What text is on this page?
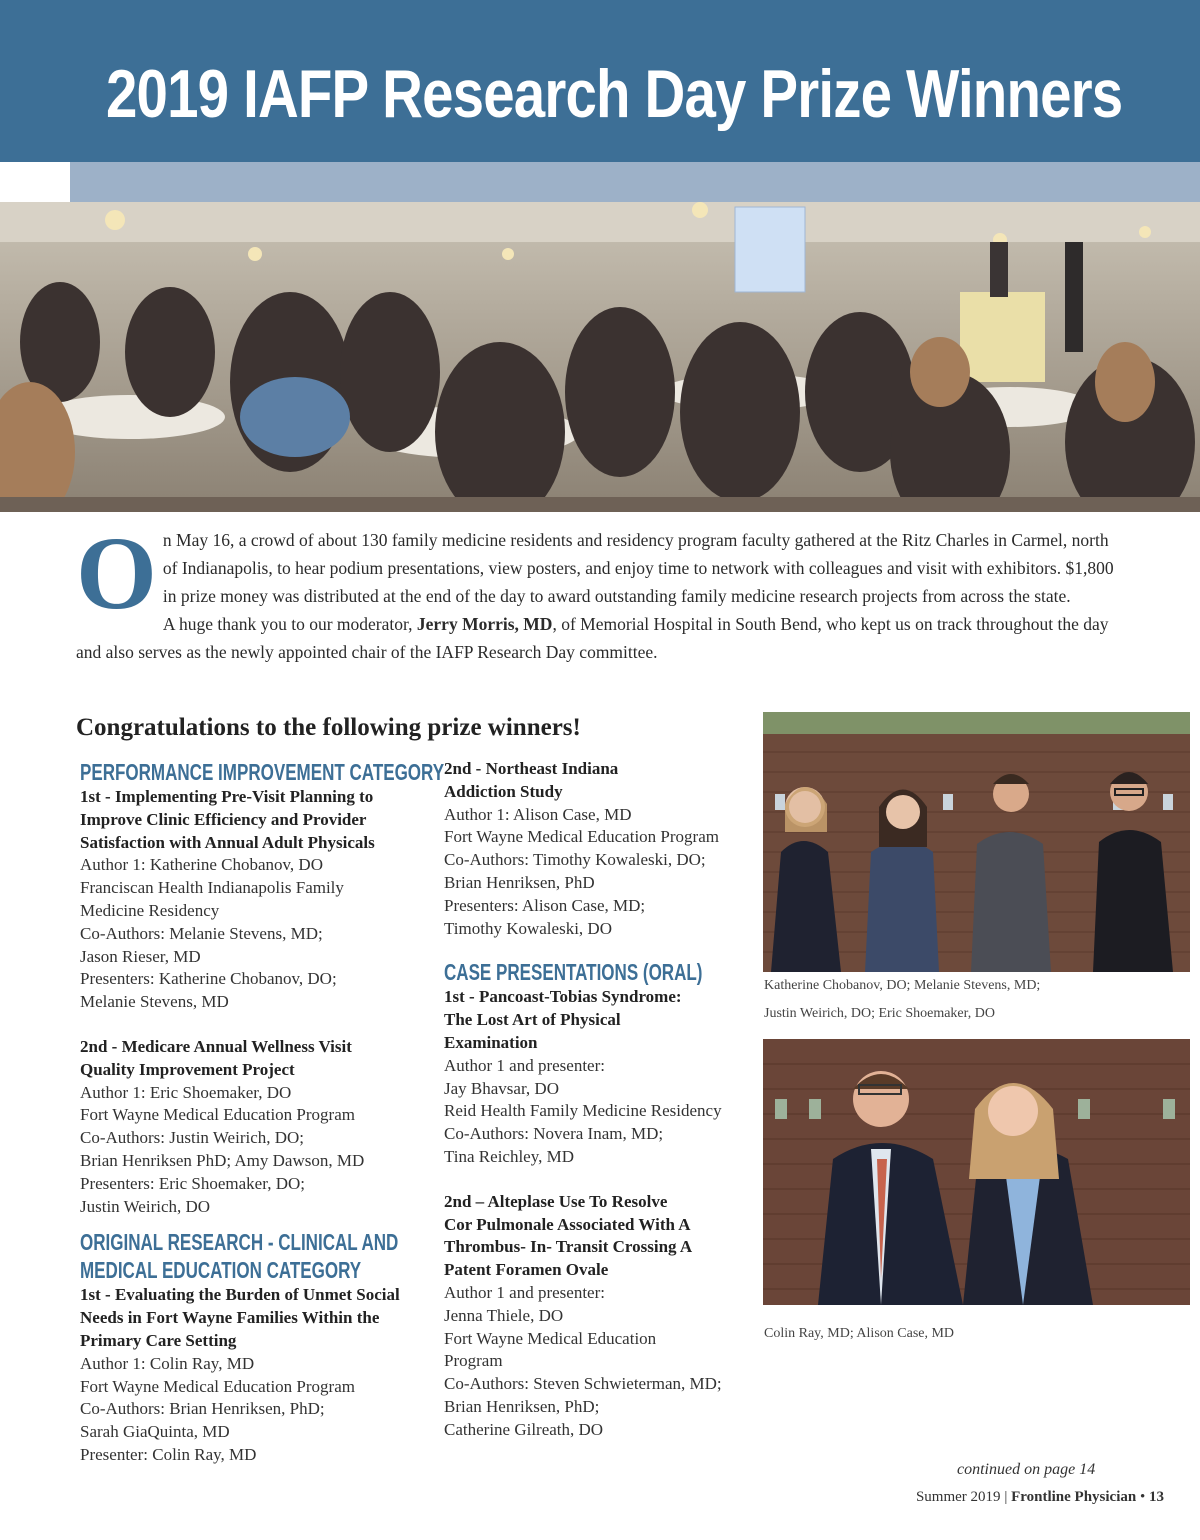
2019 IAFP Research Day Prize Winners
O n May 16, a crowd of about 130 family medicine residents and residency program faculty gathered at the Ritz Charles in Carmel, north of Indianapolis, to hear podium presentations, view posters, and enjoy time to network with colleagues and visit with exhibitors. $1,800 in prize money was distributed at the end of the day to award outstanding family medicine research projects from across the state.

A huge thank you to our moderator, Jerry Morris, MD, of Memorial Hospital in South Bend, who kept us on track throughout the day and also serves as the newly appointed chair of the IAFP Research Day committee.

Congratulations to the following prize winners!
PERFORMANCE IMPROVEMENT CATEGORY
1st - Implementing Pre-Visit Planning to
Improve Clinic Efficiency and Provider
Satisfaction with Annual Adult Physicals
Author 1: Katherine Chobanov, DO
Franciscan Health Indianapolis Family
Medicine Residency
Co-Authors: Melanie Stevens, MD;
Jason Rieser, MD
Presenters: Katherine Chobanov, DO;
Melanie Stevens, MD
2nd - Medicare Annual Wellness Visit
Quality Improvement Project
Author 1: Eric Shoemaker, DO
Fort Wayne Medical Education Program
Co-Authors: Justin Weirich, DO;
Brian Henriksen PhD; Amy Dawson, MD
Presenters: Eric Shoemaker, DO;
Justin Weirich, DO
ORIGINAL RESEARCH - CLINICAL AND
MEDICAL EDUCATION CATEGORY
1st - Evaluating the Burden of Unmet Social
Needs in Fort Wayne Families Within the
Primary Care Setting
Author 1: Colin Ray, MD
Fort Wayne Medical Education Program
Co-Authors: Brian Henriksen, PhD;
Sarah GiaQuinta, MD
Presenter: Colin Ray, MD
2nd - Northeast Indiana
Addiction Study
Author 1: Alison Case, MD
Fort Wayne Medical Education Program
Co-Authors: Timothy Kowaleski, DO;
Brian Henriksen, PhD
Presenters: Alison Case, MD;
Timothy Kowaleski, DO
CASE PRESENTATIONS (ORAL)
1st - Pancoast-Tobias Syndrome:
The Lost Art of Physical
Examination
Author 1 and presenter:
Jay Bhavsar, DO
Reid Health Family Medicine Residency
Co-Authors: Novera Inam, MD;
Tina Reichley, MD
2nd – Alteplase Use To Resolve
Cor Pulmonale Associated With A
Thrombus- In- Transit Crossing A
Patent Foramen Ovale
Author 1 and presenter:
Jenna Thiele, DO
Fort Wayne Medical Education
Program
Co-Authors: Steven Schwieterman, MD;
Brian Henriksen, PhD;
Catherine Gilreath, DO
Katherine Chobanov, DO; Melanie Stevens, MD;
Justin Weirich, DO; Eric Shoemaker, DO
Colin Ray, MD; Alison Case, MD
continued on page 14
Summer 2019 | Frontline Physician • 13
